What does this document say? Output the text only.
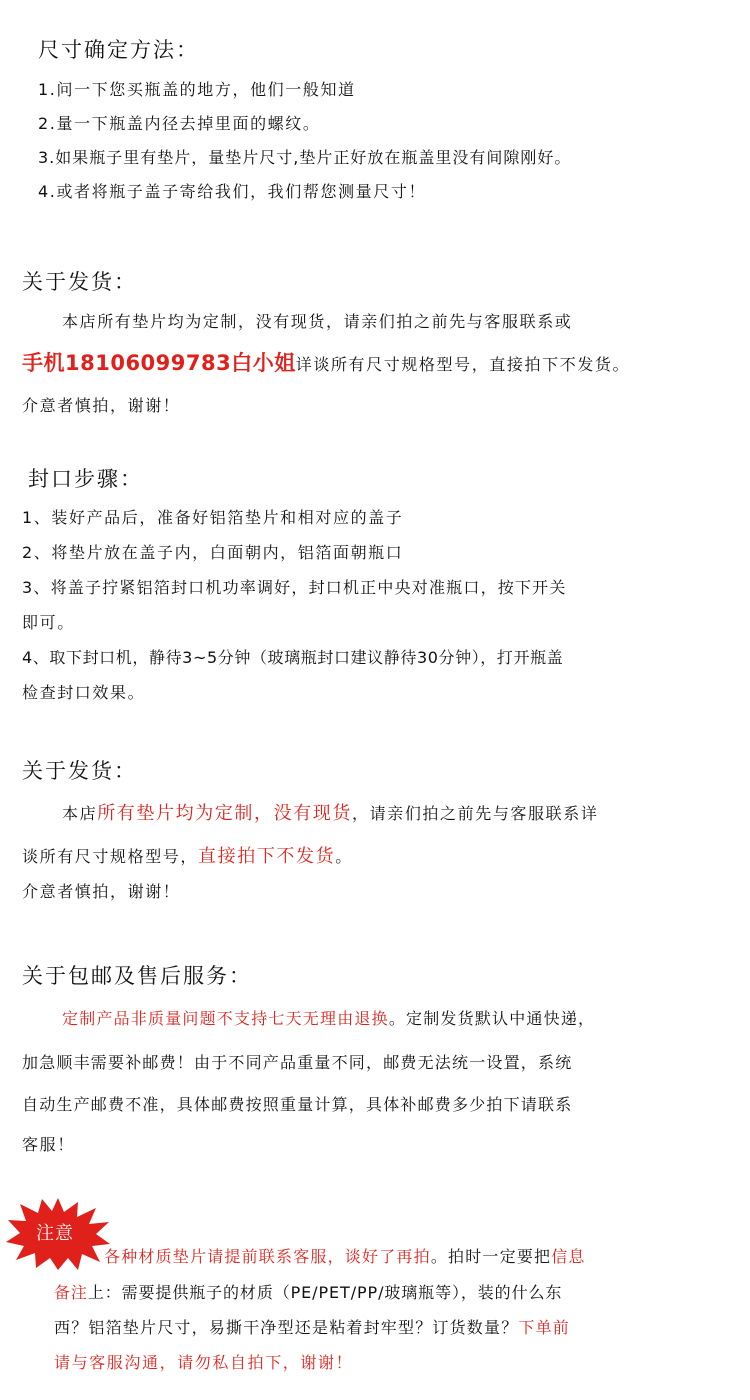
尺寸确定方法：
1.问一下您买瓶盖的地方，他们一般知道
2.量一下瓶盖内径去掉里面的螺纹。
3.如果瓶子里有垫片，量垫片尺寸,垫片正好放在瓶盖里没有间隙刚好。
4.或者将瓶子盖子寄给我们，我们帮您测量尺寸！
关于发货：
本店所有垫片均为定制，没有现货，请亲们拍之前先与客服联系或
手机18106099783白小姐详谈所有尺寸规格型号，直接拍下不发货。
介意者慎拍，谢谢！
封口步骤：
1、装好产品后，准备好铝箔垫片和相对应的盖子
2、将垫片放在盖子内，白面朝内，铝箔面朝瓶口
3、将盖子拧紧铝箔封口机功率调好，封口机正中央对准瓶口，按下开关
即可。
4、取下封口机，静待3~5分钟（玻璃瓶封口建议静待30分钟），打开瓶盖
检查封口效果。
关于发货：
本店所有垫片均为定制，没有现货，请亲们拍之前先与客服联系详
谈所有尺寸规格型号，直接拍下不发货。
介意者慎拍，谢谢！
关于包邮及售后服务：
定制产品非质量问题不支持七天无理由退换。定制发货默认中通快递，
加急顺丰需要补邮费！由于不同产品重量不同，邮费无法统一设置，系统
自动生产邮费不准，具体邮费按照重量计算，具体补邮费多少拍下请联系
客服！
注意
各种材质垫片请提前联系客服，谈好了再拍。拍时一定要把信息
备注上：需要提供瓶子的材质（PE/PET/PP/玻璃瓶等），装的什么东
西？铝箔垫片尺寸，易撕干净型还是粘着封牢型？订货数量？下单前
请与客服沟通，请勿私自拍下，谢谢！
